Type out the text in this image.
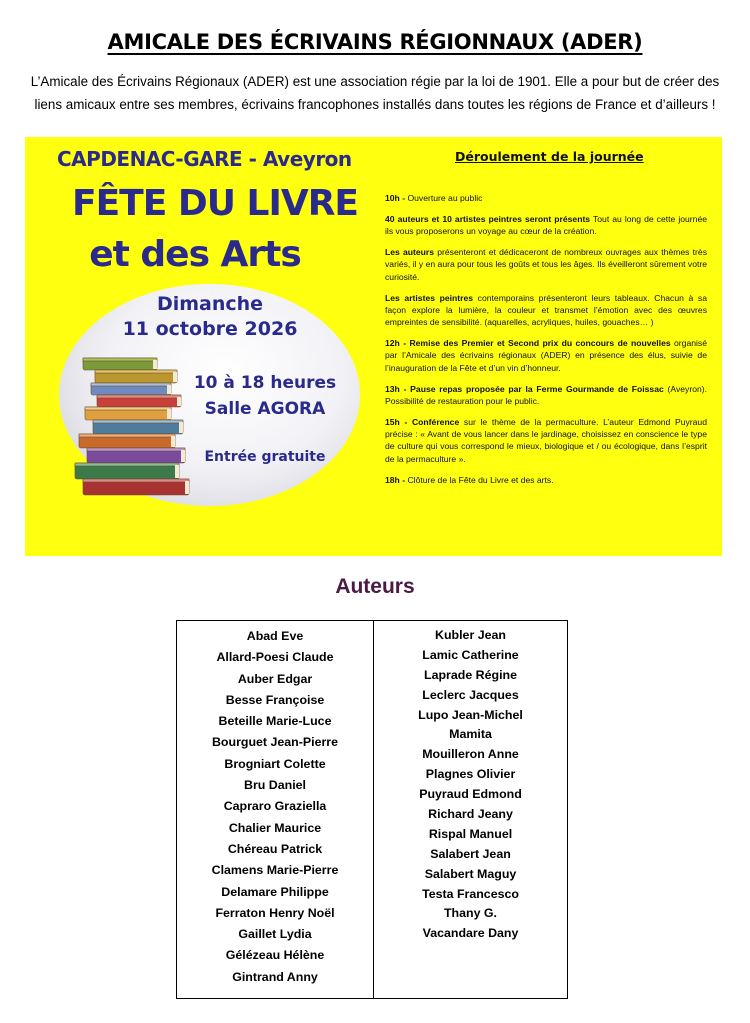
AMICALE DES ÉCRIVAINS RÉGIONNAUX (ADER)
L’Amicale des Écrivains Régionaux (ADER) est une association régie par la loi de 1901. Elle a pour but de créer des
liens amicaux entre ses membres, écrivains francophones installés dans toutes les régions de France et d’ailleurs !
CAPDENAC-GARE - Aveyron
FÊTE DU LIVRE
et des Arts
Dimanche
11 octobre 2026
10 à 18 heures
Salle AGORA
Entrée gratuite
Déroulement de la journée

10h - Ouverture au public

40 auteurs et 10 artistes peintres seront présents Tout au long de cette journée ils vous proposerons un voyage au cœur de la création.

Les auteurs présenteront et dédicaceront de nombreux ouvrages aux thèmes très variés, il y en aura pour tous les goûts et tous les âges. Ils éveilleront sûrement votre curiosité.

Les artistes peintres contemporains présenteront leurs tableaux. Chacun à sa façon explore la lumière, la couleur et transmet l’émotion avec des œuvres empreintes de sensibilité. (aquarelles, acryliques, huiles, gouaches… )

12h - Remise des Premier et Second prix du concours de nouvelles organisé par l’Amicale des écrivains régionaux (ADER) en présence des élus, suivie de l’inauguration de la Fête et d’un vin d’honneur.

13h - Pause repas proposée par la Ferme Gourmande de Foissac (Aveyron). Possibilité de restauration pour le public.

15h - Conférence sur le thème de la permaculture. L’auteur Edmond Puyraud précise : « Avant de vous lancer dans le jardinage, choisissez en conscience le type de culture qui vous correspond le mieux, biologique et / ou écologique, dans l’esprit de la permaculture ».

18h - Clôture de la Fête du Livre et des arts.

Auteurs
Abad Eve
Allard-Poesi Claude
Auber Edgar
Besse Françoise
Beteille Marie-Luce
Bourguet Jean-Pierre
Brogniart Colette
Bru Daniel
Capraro Graziella
Chalier Maurice
Chéreau Patrick
Clamens Marie-Pierre
Delamare Philippe
Ferraton Henry Noël
Gaillet Lydia
Gélézeau Hélène
Gintrand Anny
Kubler Jean
Lamic Catherine
Laprade Régine
Leclerc Jacques
Lupo Jean-Michel
Mamita
Mouilleron Anne
Plagnes Olivier
Puyraud Edmond
Richard Jeany
Rispal Manuel
Salabert Jean
Salabert Maguy
Testa Francesco
Thany G.
Vacandare Dany
